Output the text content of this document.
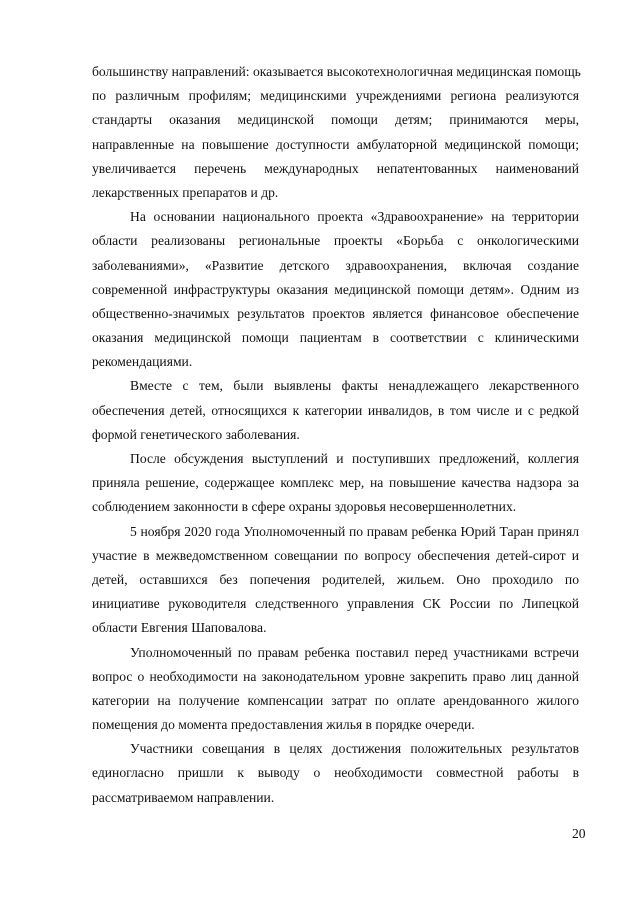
большинству направлений: оказывается высокотехнологичная медицинская помощь
по различным профилям; медицинскими учреждениями региона реализуются
стандарты оказания медицинской помощи детям; принимаются меры,
направленные на повышение доступности амбулаторной медицинской помощи;
увеличивается перечень международных непатентованных наименований
лекарственных препаратов и др.
На основании национального проекта «Здравоохранение» на территории
области реализованы региональные проекты «Борьба с онкологическими
заболеваниями», «Развитие детского здравоохранения, включая создание
современной инфраструктуры оказания медицинской помощи детям». Одним из
общественно-значимых результатов проектов является финансовое обеспечение
оказания медицинской помощи пациентам в соответствии с клиническими
рекомендациями.
Вместе с тем, были выявлены факты ненадлежащего лекарственного
обеспечения детей, относящихся к категории инвалидов, в том числе и с редкой
формой генетического заболевания.
После обсуждения выступлений и поступивших предложений, коллегия
приняла решение, содержащее комплекс мер, на повышение качества надзора за
соблюдением законности в сфере охраны здоровья несовершеннолетних.
5 ноября 2020 года Уполномоченный по правам ребенка Юрий Таран принял
участие в межведомственном совещании по вопросу обеспечения детей-сирот и
детей, оставшихся без попечения родителей, жильем. Оно проходило по
инициативе руководителя следственного управления СК России по Липецкой
области Евгения Шаповалова.
Уполномоченный по правам ребенка поставил перед участниками встречи
вопрос о необходимости на законодательном уровне закрепить право лиц данной
категории на получение компенсации затрат по оплате арендованного жилого
помещения до момента предоставления жилья в порядке очереди.
Участники совещания в целях достижения положительных результатов
единогласно пришли к выводу о необходимости совместной работы в
рассматриваемом направлении.
20
